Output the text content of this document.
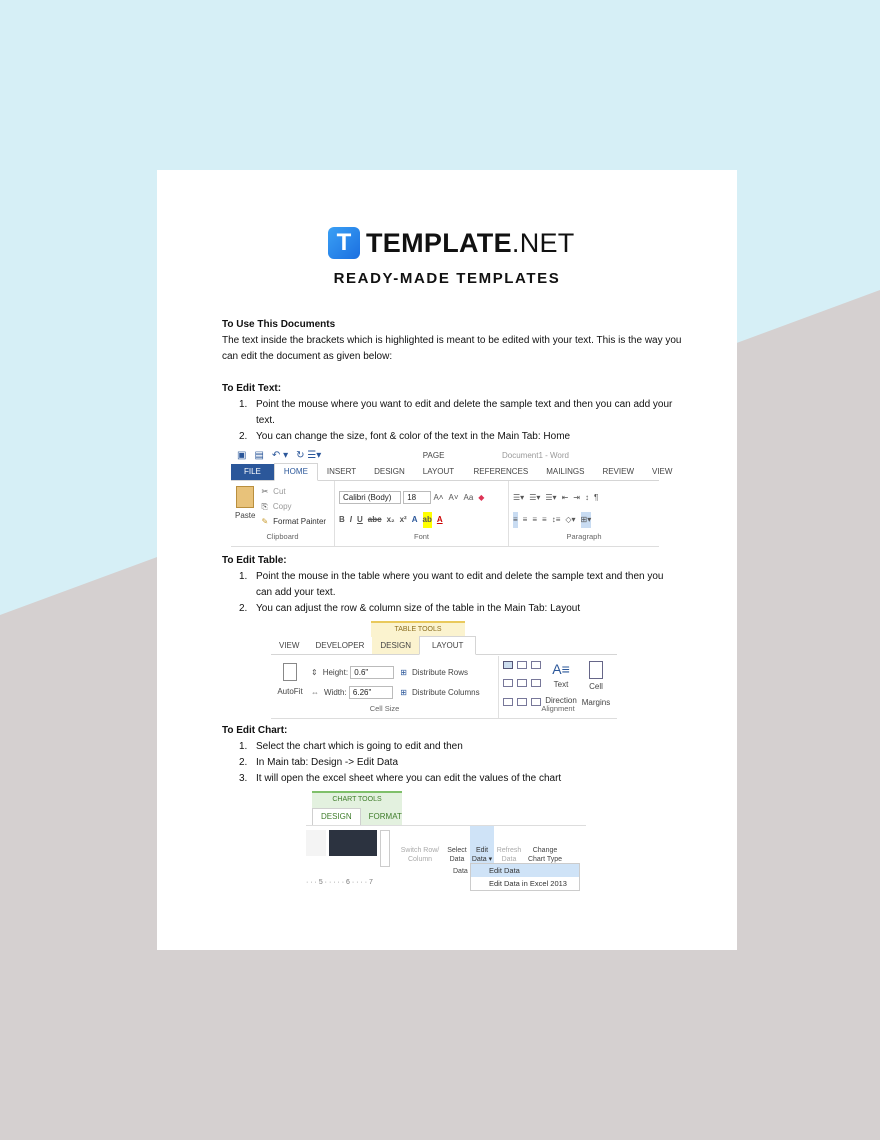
T TEMPLATE.NET
READY-MADE TEMPLATES
To Use This Documents
The text inside the brackets which is highlighted is meant to be edited with your text. This is the way you can edit the document as given below:
To Edit Text:
1. Point the mouse where you want to edit and delete the sample text and then you can add your text.
2. You can change the size, font & color of the text in the Main Tab: Home
▣ ▤ ↶ ▾ ↻ ☰▾	Document1 - Word
FILE	HOME	INSERT	DESIGN
PAGE LAYOUT	REFERENCES	MAILINGS	REVIEW	VIEW
Paste
✂ Cut
⎘ Copy
✎ Format Painter
Clipboard
Calibri (Body) 18 A˄ A˅ Aa ◆
B I U abc x₂ x² A ab A
Font
☰▾ ☰▾ ☰▾ ⇤ ⇥ ↕ ¶
≡ ≡ ≡ ≡ ↕≡ ◇▾ ⊞▾
Paragraph
To Edit Table:
1. Point the mouse in the table where you want to edit and delete the sample text and then you can add your text.
2. You can adjust the row & column size of the table in the Main Tab: Layout
TABLE TOOLS
VIEW	DEVELOPER	DESIGN	LAYOUT
AutoFit
⇕ Height: 0.6"
⇔ Width: 6.26"
⊞ Distribute Rows
⊞ Distribute Columns
Cell Size
A≡
Text Direction
Cell Margins
Alignment
To Edit Chart:
1. Select the chart which is going to edit and then
2. In Main tab: Design -> Edit Data
3. It will open the excel sheet where you can edit the values of the chart
CHART TOOLS
DESIGN	FORMAT
Switch Row/ Column
Select Data
Edit Data ▾
Refresh Data
Change Chart Type
Data
· · · 5 · · · · · 6 · · · · 7
Edit Data
Edit Data in Excel 2013
